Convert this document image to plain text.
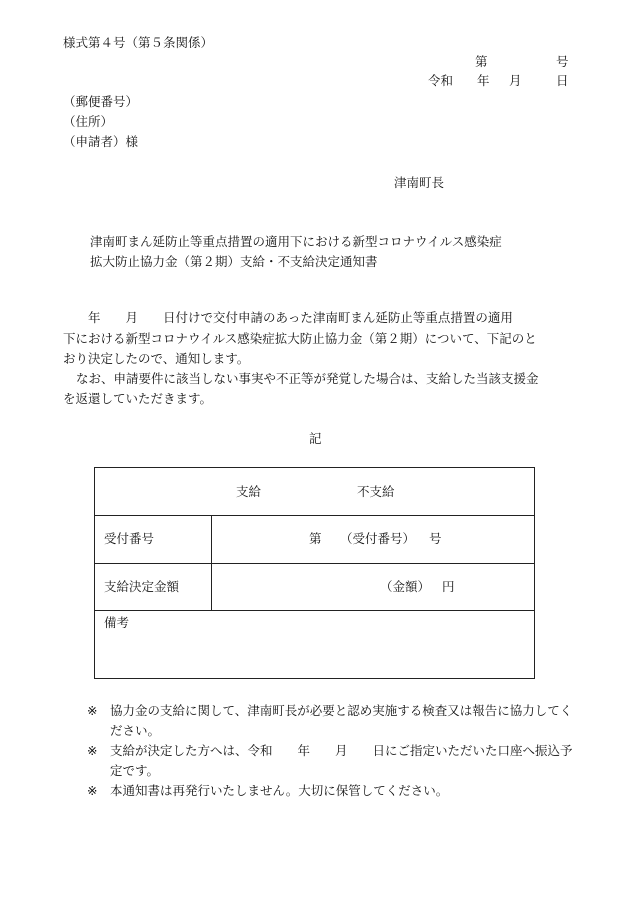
様式第４号（第５条関係）
第	号
令和 年 月	日
（郵便番号）
（住所）
（申請者）様
津南町長
津南町まん延防止等重点措置の適用下における新型コロナウイルス感染症
拡大防止協力金（第２期）支給・不支給決定通知書
　　年　　月　　日付けで交付申請のあった津南町まん延防止等重点措置の適用
下における新型コロナウイルス感染症拡大防止協力金（第２期）について、下記のと
おり決定したので、通知します。
なお、申請要件に該当しない事実や不正等が発覚した場合は、支給した当該支援金
を返還していただきます。
記
支給	不支給
受付番号	第 （受付番号） 号
支給決定金額	（金額） 円
備考
※ 協力金の支給に関して、津南町長が必要と認め実施する検査又は報告に協力してく
ださい。
※ 支給が決定した方へは、令和　　年　　月　　日にご指定いただいた口座へ振込予
定です。
※ 本通知書は再発行いたしません。大切に保管してください。
